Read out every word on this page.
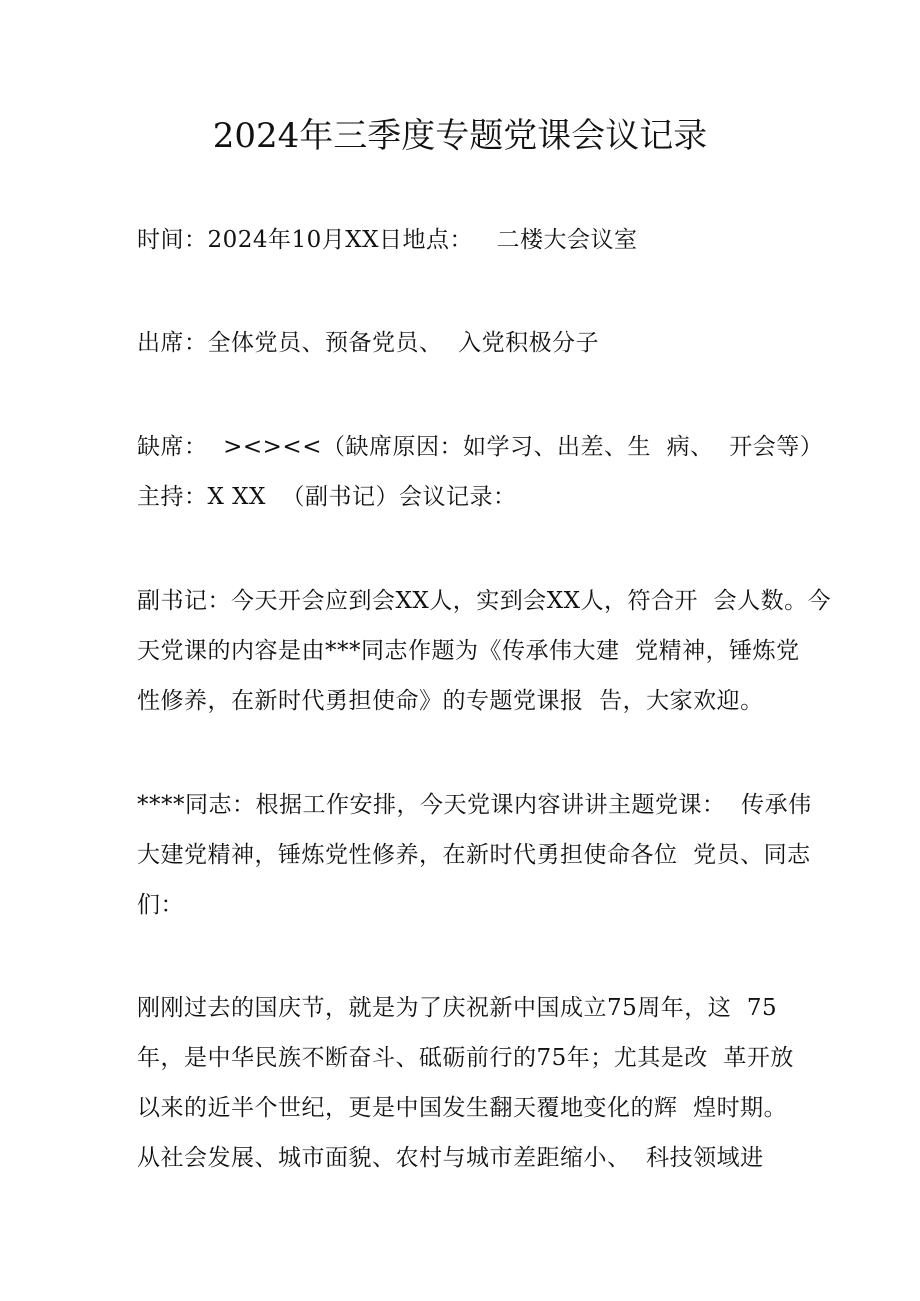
2024年三季度专题党课会议记录
时间：2024年10月XX日地点：   二楼大会议室
出席：全体党员、预备党员、  入党积极分子
缺席：  ><><<（缺席原因：如学习、出差、生  病、  开会等）
主持：X XX  （副书记）会议记录：
副书记：今天开会应到会XX人，实到会XX人，符合开  会人数。今
天党课的内容是由***同志作题为《传承伟大建  党精神，锤炼党
性修养，在新时代勇担使命》的专题党课报  告，大家欢迎。
****同志：根据工作安排，今天党课内容讲讲主题党课：  传承伟
大建党精神，锤炼党性修养，在新时代勇担使命各位  党员、同志
们：
刚刚过去的国庆节，就是为了庆祝新中国成立75周年，这  75
年，是中华民族不断奋斗、砥砺前行的75年；尤其是改  革开放
以来的近半个世纪，更是中国发生翻天覆地变化的辉  煌时期。
从社会发展、城市面貌、农村与城市差距缩小、  科技领域进
